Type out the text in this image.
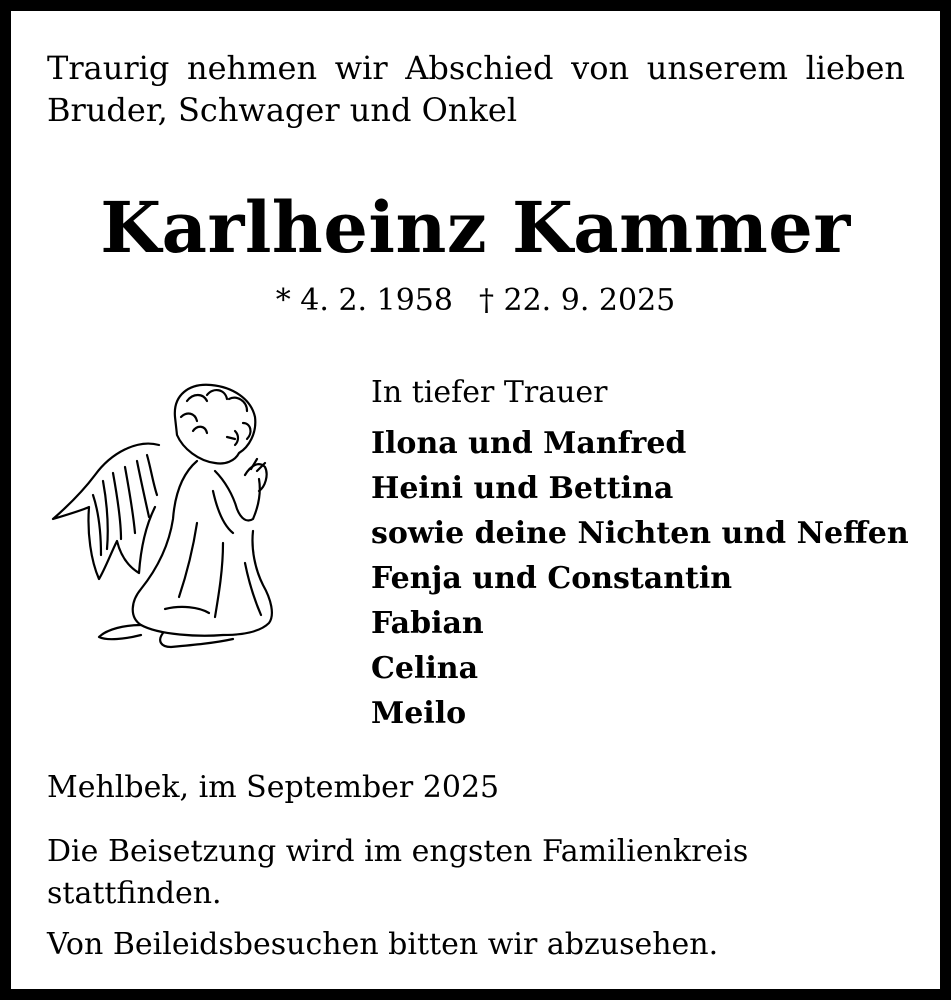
Traurig nehmen wir Abschied von unserem lieben
Bruder, Schwager und Onkel
Karlheinz Kammer
* 4. 2. 1958 † 22. 9. 2025
In tiefer Trauer
Ilona und Manfred
Heini und Bettina
sowie deine Nichten und Neffen
Fenja und Constantin
Fabian
Celina
Meilo
Mehlbek, im September 2025

Die Beisetzung wird im engsten Familienkreis

stattfinden.

Von Beileidsbesuchen bitten wir abzusehen.
